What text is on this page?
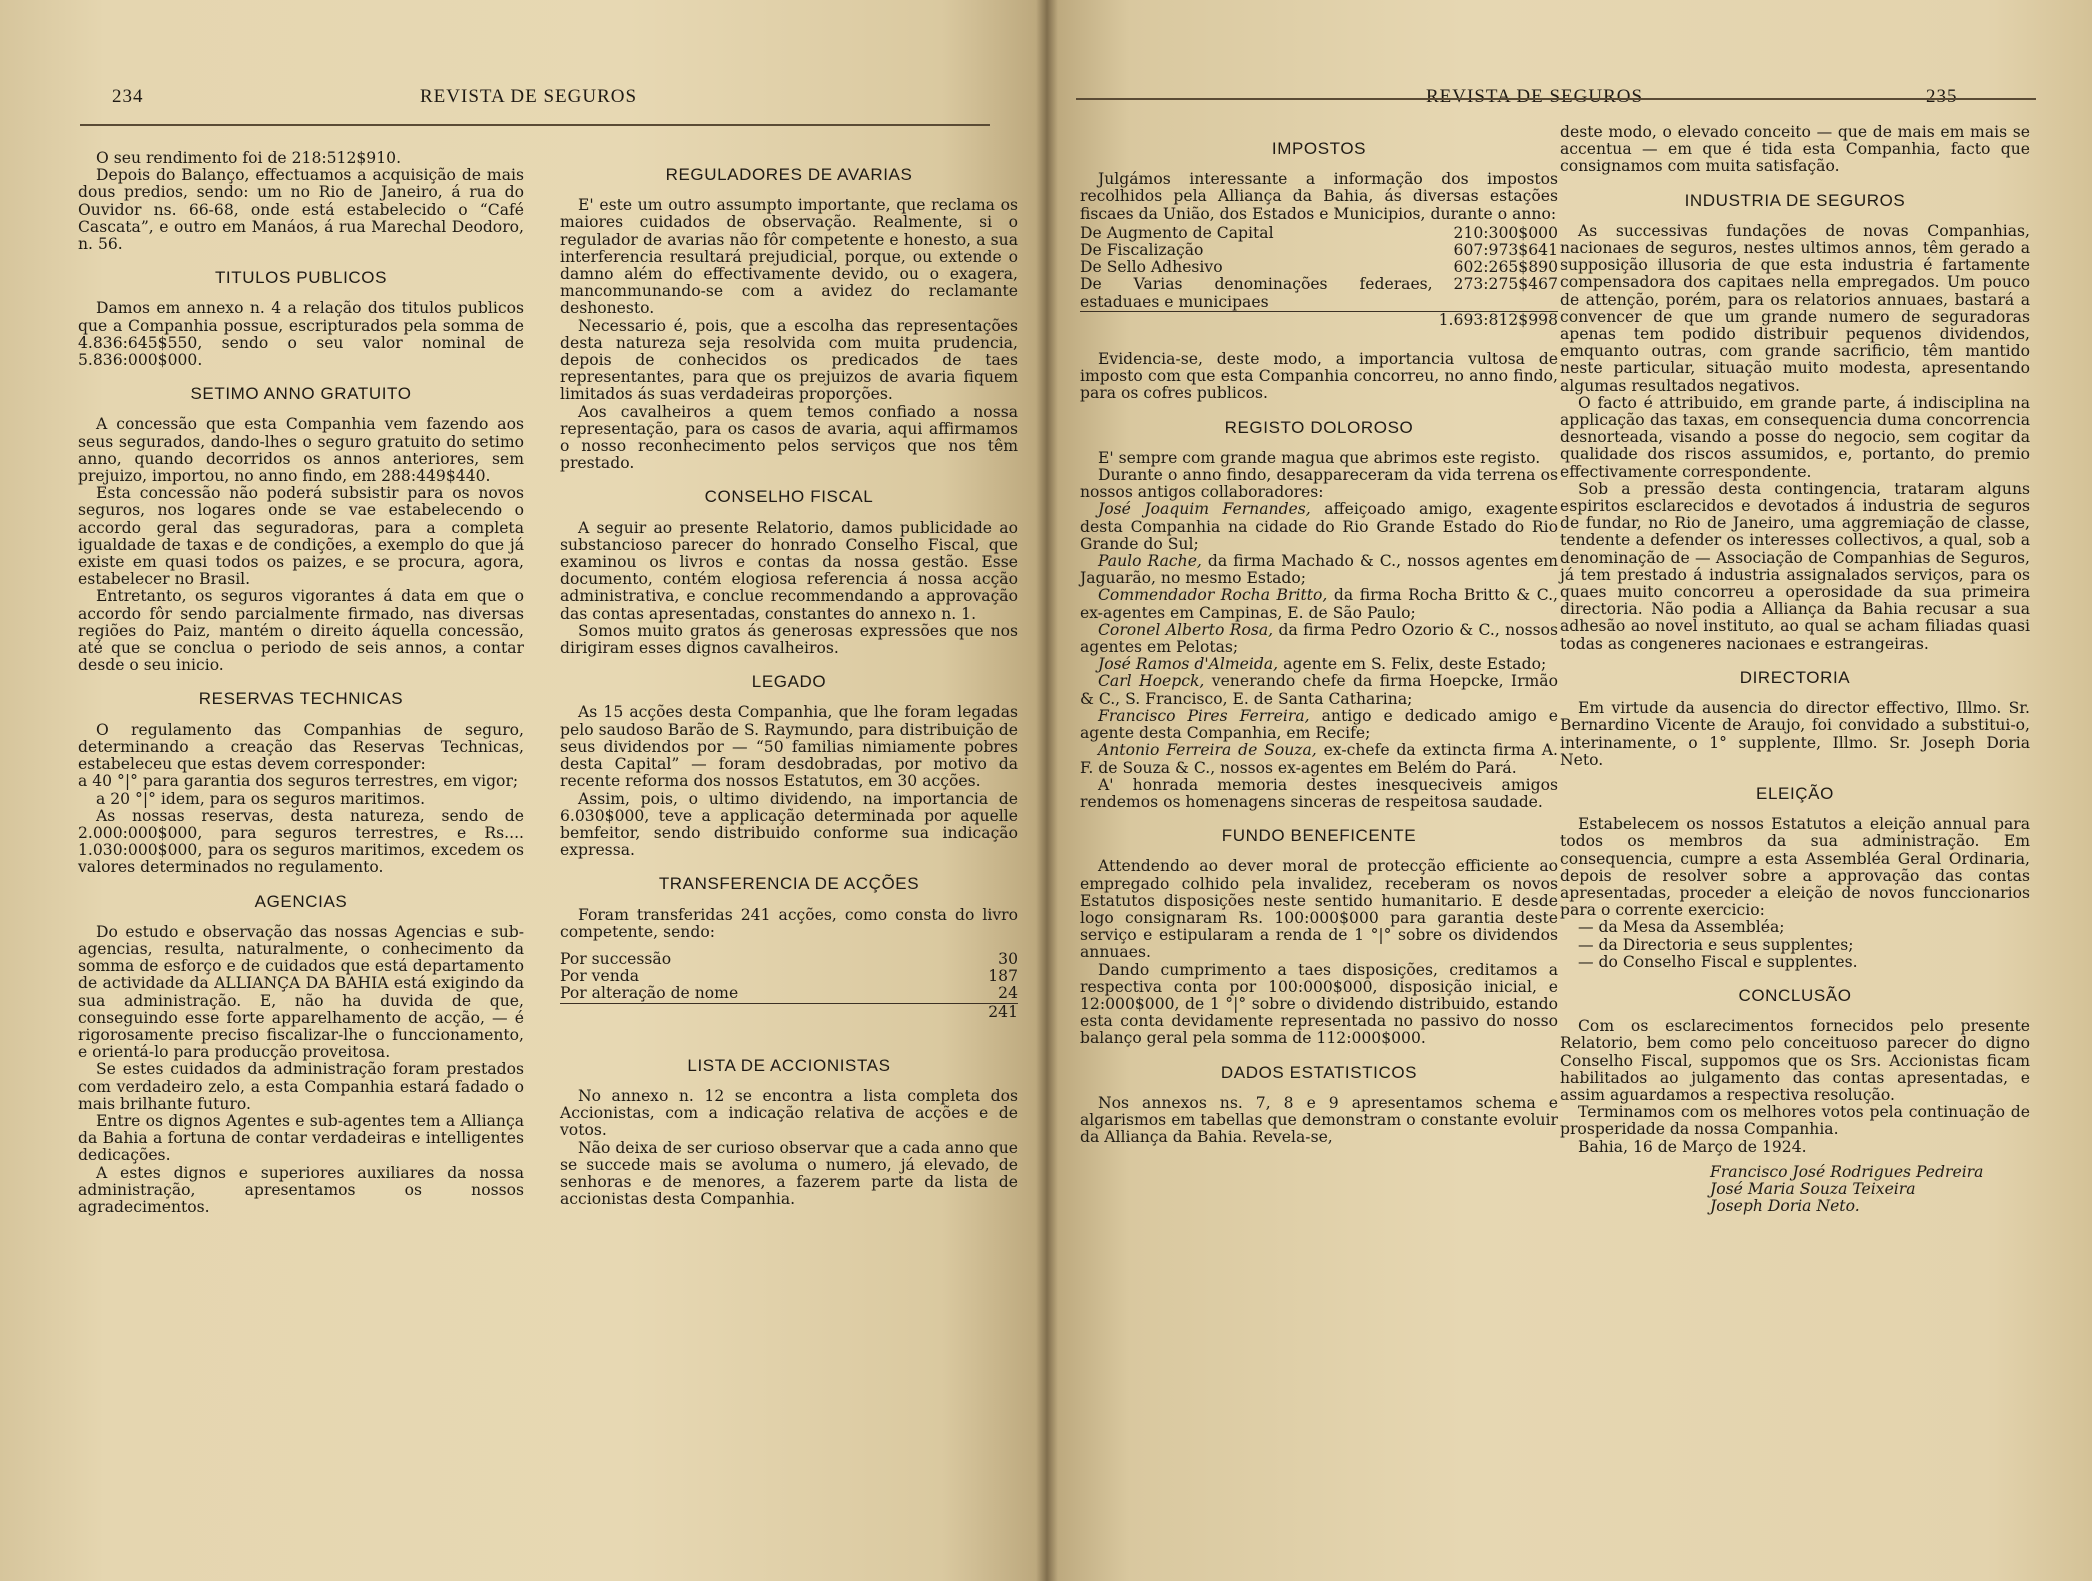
234	REVISTA DE SEGUROS

O seu rendimento foi de 218:512$910.

Depois do Balanço, effectuamos a acquisição de mais dous predios, sendo: um no Rio de Janeiro, á rua do Ouvidor ns. 66-68, onde está estabelecido o “Café Cascata”, e outro em Manáos, á rua Marechal Deodoro, n. 56.

TITULOS PUBLICOS

Damos em annexo n. 4 a relação dos titulos publicos que a Companhia possue, escripturados pela somma de 4.836:645$550, sendo o seu valor nominal de 5.836:000$000.

SETIMO ANNO GRATUITO

A concessão que esta Companhia vem fazendo aos seus segurados, dando-lhes o seguro gratuito do setimo anno, quando decorridos os annos anteriores, sem prejuizo, importou, no anno findo, em 288:449$440.

Esta concessão não poderá subsistir para os novos seguros, nos logares onde se vae estabelecendo o accordo geral das seguradoras, para a completa igualdade de taxas e de condições, a exemplo do que já existe em quasi todos os paizes, e se procura, agora, estabelecer no Brasil.

Entretanto, os seguros vigorantes á data em que o accordo fôr sendo parcialmente firmado, nas diversas regiões do Paiz, mantém o direito áquella concessão, até que se conclua o periodo de seis annos, a contar desde o seu inicio.

RESERVAS TECHNICAS

O regulamento das Companhias de seguro, determinando a creação das Reservas Technicas, estabeleceu que estas devem corresponder:

a 40 °|° para garantia dos seguros terrestres, em vigor;

a 20 °|° idem, para os seguros maritimos.

As nossas reservas, desta natureza, sendo de 2.000:000$000, para seguros terrestres, e Rs.... 1.030:000$000, para os seguros maritimos, excedem os valores determinados no regulamento.

AGENCIAS

Do estudo e observação das nossas Agencias e sub-agencias, resulta, naturalmente, o conhecimento da somma de esforço e de cuidados que está departamento de actividade da ALLIANÇA DA BAHIA está exigindo da sua administração. E, não ha duvida de que, conseguindo esse forte apparelhamento de acção, — é rigorosamente preciso fiscalizar-lhe o funccionamento, e orientá-lo para producção proveitosa.

Se estes cuidados da administração foram prestados com verdadeiro zelo, a esta Companhia estará fadado o mais brilhante futuro.

Entre os dignos Agentes e sub-agentes tem a Alliança da Bahia a fortuna de contar verdadeiras e intelligentes dedicações.

A estes dignos e superiores auxiliares da nossa administração, apresentamos os nossos agradecimentos.

REGULADORES DE AVARIAS

E' este um outro assumpto importante, que reclama os maiores cuidados de observação. Realmente, si o regulador de avarias não fôr competente e honesto, a sua interferencia resultará prejudicial, porque, ou extende o damno além do effectivamente devido, ou o exagera, mancommunando-se com a avidez do reclamante deshonesto.

Necessario é, pois, que a escolha das representações desta natureza seja resolvida com muita prudencia, depois de conhecidos os predicados de taes representantes, para que os prejuizos de avaria fiquem limitados ás suas verdadeiras proporções.

Aos cavalheiros a quem temos confiado a nossa representação, para os casos de avaria, aqui affirmamos o nosso reconhecimento pelos serviços que nos têm prestado.

CONSELHO FISCAL

A seguir ao presente Relatorio, damos publicidade ao substancioso parecer do honrado Conselho Fiscal, que examinou os livros e contas da nossa gestão. Esse documento, contém elogiosa referencia á nossa acção administrativa, e conclue recommendando a approvação das contas apresentadas, constantes do annexo n. 1.

Somos muito gratos ás generosas expressões que nos dirigiram esses dignos cavalheiros.

LEGADO

As 15 acções desta Companhia, que lhe foram legadas pelo saudoso Barão de S. Raymundo, para distribuição de seus dividendos por — “50 familias nimiamente pobres desta Capital” — foram desdobradas, por motivo da recente reforma dos nossos Estatutos, em 30 acções.

Assim, pois, o ultimo dividendo, na importancia de 6.030$000, teve a applicação determinada por aquelle bemfeitor, sendo distribuido conforme sua indicação expressa.

TRANSFERENCIA DE ACÇÕES

Foram transferidas 241 acções, como consta do livro competente, sendo:

Por successão	30
Por venda	187
Por alteração de nome	24
	241
LISTA DE ACCIONISTAS

No annexo n. 12 se encontra a lista completa dos Accionistas, com a indicação relativa de acções e de votos.

Não deixa de ser curioso observar que a cada anno que se succede mais se avoluma o numero, já elevado, de senhoras e de menores, a fazerem parte da lista de accionistas desta Companhia.

REVISTA DE SEGUROS	235
IMPOSTOS

Julgámos interessante a informação dos impostos recolhidos pela Alliança da Bahia, ás diversas estações fiscaes da União, dos Estados e Municipios, durante o anno:

De Augmento de Capital	210:300$000
De Fiscalização	607:973$641
De Sello Adhesivo	602:265$890
De Varias denominações federaes, estaduaes e municipaes	273:275$467
	1.693:812$998

Evidencia-se, deste modo, a importancia vultosa de imposto com que esta Companhia concorreu, no anno findo, para os cofres publicos.

REGISTO DOLOROSO

E' sempre com grande magua que abrimos este registo.

Durante o anno findo, desappareceram da vida terrena os nossos antigos collaboradores:

José Joaquim Fernandes, affeiçoado amigo, exagente desta Companhia na cidade do Rio Grande Estado do Rio Grande do Sul;

Paulo Rache, da firma Machado & C., nossos agentes em Jaguarão, no mesmo Estado;

Commendador Rocha Britto, da firma Rocha Britto & C., ex-agentes em Campinas, E. de São Paulo;

Coronel Alberto Rosa, da firma Pedro Ozorio & C., nossos agentes em Pelotas;

José Ramos d'Almeida, agente em S. Felix, deste Estado;

Carl Hoepck, venerando chefe da firma Hoepcke, Irmão & C., S. Francisco, E. de Santa Catharina;

Francisco Pires Ferreira, antigo e dedicado amigo e agente desta Companhia, em Recife;

Antonio Ferreira de Souza, ex-chefe da extincta firma A. F. de Souza & C., nossos ex-agentes em Belém do Pará.

A' honrada memoria destes inesqueciveis amigos rendemos os homenagens sinceras de respeitosa saudade.

FUNDO BENEFICENTE

Attendendo ao dever moral de protecção efficiente ao empregado colhido pela invalidez, receberam os novos Estatutos disposições neste sentido humanitario. E desde logo consignaram Rs. 100:000$000 para garantia deste serviço e estipularam a renda de 1 °|° sobre os dividendos annuaes.

Dando cumprimento a taes disposições, creditamos a respectiva conta por 100:000$000, disposição inicial, e 12:000$000, de 1 °|° sobre o dividendo distribuido, estando esta conta devidamente representada no passivo do nosso balanço geral pela somma de 112:000$000.

DADOS ESTATISTICOS

Nos annexos ns. 7, 8 e 9 apresentamos schema e algarismos em tabellas que demonstram o constante evoluir da Alliança da Bahia. Revela-se,

deste modo, o elevado conceito — que de mais em mais se accentua — em que é tida esta Companhia, facto que consignamos com muita satisfação.

INDUSTRIA DE SEGUROS

As successivas fundações de novas Companhias, nacionaes de seguros, nestes ultimos annos, têm gerado a supposição illusoria de que esta industria é fartamente compensadora dos capitaes nella empregados. Um pouco de attenção, porém, para os relatorios annuaes, bastará a convencer de que um grande numero de seguradoras apenas tem podido distribuir pequenos dividendos, emquanto outras, com grande sacrificio, têm mantido neste particular, situação muito modesta, apresentando algumas resultados negativos.

O facto é attribuido, em grande parte, á indisciplina na applicação das taxas, em consequencia duma concorrencia desnorteada, visando a posse do negocio, sem cogitar da qualidade dos riscos assumidos, e, portanto, do premio effectivamente correspondente.

Sob a pressão desta contingencia, trataram alguns espiritos esclarecidos e devotados á industria de seguros de fundar, no Rio de Janeiro, uma aggremiação de classe, tendente a defender os interesses collectivos, a qual, sob a denominação de — Associação de Companhias de Seguros, já tem prestado á industria assignalados serviços, para os quaes muito concorreu a operosidade da sua primeira directoria. Não podia a Alliança da Bahia recusar a sua adhesão ao novel instituto, ao qual se acham filiadas quasi todas as congeneres nacionaes e estrangeiras.

DIRECTORIA

Em virtude da ausencia do director effectivo, Illmo. Sr. Bernardino Vicente de Araujo, foi convidado a substitui-o, interinamente, o 1° supplente, Illmo. Sr. Joseph Doria Neto.

ELEIÇÃO

Estabelecem os nossos Estatutos a eleição annual para todos os membros da sua administração. Em consequencia, cumpre a esta Assembléa Geral Ordinaria, depois de resolver sobre a approvação das contas apresentadas, proceder a eleição de novos funccionarios para o corrente exercicio:

— da Mesa da Assembléa;

— da Directoria e seus supplentes;

— do Conselho Fiscal e supplentes.

CONCLUSÃO

Com os esclarecimentos fornecidos pelo presente Relatorio, bem como pelo conceituoso parecer do digno Conselho Fiscal, suppomos que os Srs. Accionistas ficam habilitados ao julgamento das contas apresentadas, e assim aguardamos a respectiva resolução.

Terminamos com os melhores votos pela continuação de prosperidade da nossa Companhia.

Bahia, 16 de Março de 1924.

Francisco José Rodrigues Pedreira
José Maria Souza Teixeira
Joseph Doria Neto.
